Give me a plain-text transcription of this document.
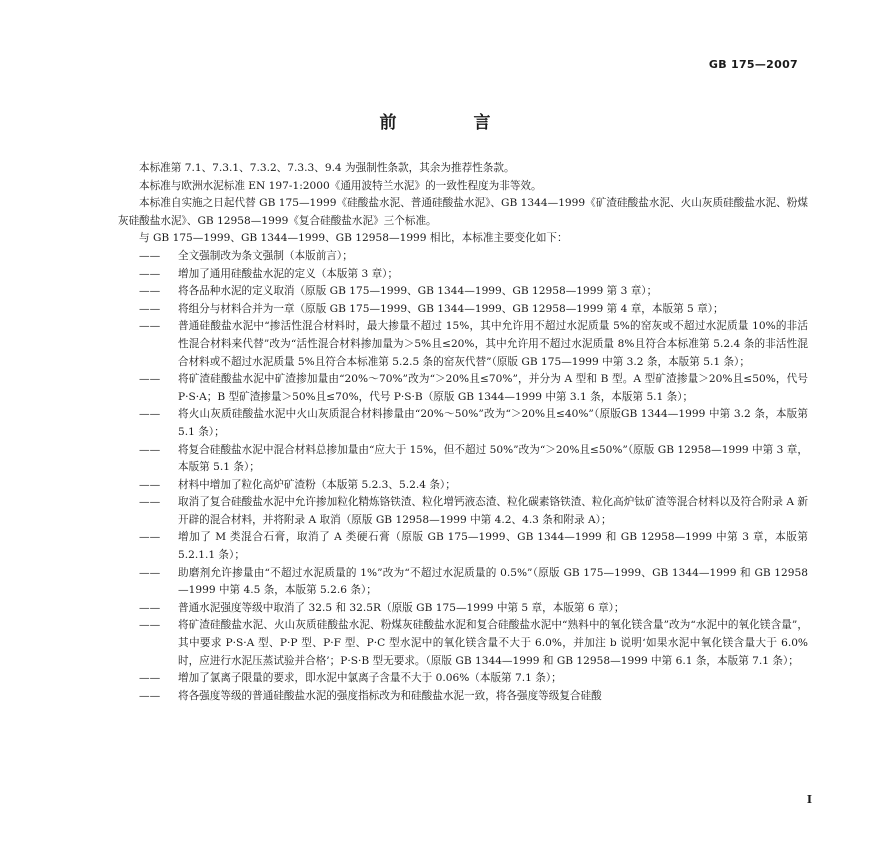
GB 175—2007
前　言

本标准第 7.1、7.3.1、7.3.2、7.3.3、9.4 为强制性条款，其余为推荐性条款。

本标准与欧洲水泥标准 EN 197-1:2000《通用波特兰水泥》的一致性程度为非等效。

本标准自实施之日起代替 GB 175—1999《硅酸盐水泥、普通硅酸盐水泥》、GB 1344—1999《矿渣硅酸盐水泥、火山灰质硅酸盐水泥、粉煤灰硅酸盐水泥》、GB 12958—1999《复合硅酸盐水泥》三个标准。

与 GB 175—1999、GB 1344—1999、GB 12958—1999 相比，本标准主要变化如下：

——	全文强制改为条文强制（本版前言）；

——	增加了通用硅酸盐水泥的定义（本版第 3 章）；

——	将各品种水泥的定义取消（原版 GB 175—1999、GB 1344—1999、GB 12958—1999 第 3 章）；

——	将组分与材料合并为一章（原版 GB 175—1999、GB 1344—1999、GB 12958—1999 第 4 章，本版第 5 章）；

——	普通硅酸盐水泥中“掺活性混合材料时，最大掺量不超过 15%，其中允许用不超过水泥质量 5%的窑灰或不超过水泥质量 10%的非活性混合材料来代替”改为“活性混合材料掺加量为＞5%且≤20%，其中允许用不超过水泥质量 8%且符合本标准第 5.2.4 条的非活性混合材料或不超过水泥质量 5%且符合本标准第 5.2.5 条的窑灰代替”（原版 GB 175—1999 中第 3.2 条，本版第 5.1 条）；

——	将矿渣硅酸盐水泥中矿渣掺加量由“20%～70%”改为“＞20%且≤70%”，并分为 A 型和 B 型。A 型矿渣掺量＞20%且≤50%，代号 P·S·A；B 型矿渣掺量＞50%且≤70%，代号 P·S·B（原版 GB 1344—1999 中第 3.1 条，本版第 5.1 条）；

——	将火山灰质硅酸盐水泥中火山灰质混合材料掺量由“20%～50%”改为“＞20%且≤40%”（原版GB 1344—1999 中第 3.2 条，本版第 5.1 条）；

——	将复合硅酸盐水泥中混合材料总掺加量由“应大于 15%，但不超过 50%”改为“＞20%且≤50%”（原版 GB 12958—1999 中第 3 章，本版第 5.1 条）；

——	材料中增加了粒化高炉矿渣粉（本版第 5.2.3、5.2.4 条）；

——	取消了复合硅酸盐水泥中允许掺加粒化精炼铬铁渣、粒化增钙液态渣、粒化碳素铬铁渣、粒化高炉钛矿渣等混合材料以及符合附录 A 新开辟的混合材料，并将附录 A 取消（原版 GB 12958—1999 中第 4.2、4.3 条和附录 A）；

——	增加了 M 类混合石膏，取消了 A 类硬石膏（原版 GB 175—1999、GB 1344—1999 和 GB 12958—1999 中第 3 章，本版第 5.2.1.1 条）；

——	助磨剂允许掺量由“不超过水泥质量的 1%”改为“不超过水泥质量的 0.5%”（原版 GB 175—1999、GB 1344—1999 和 GB 12958—1999 中第 4.5 条，本版第 5.2.6 条）；

——	普通水泥强度等级中取消了 32.5 和 32.5R（原版 GB 175—1999 中第 5 章，本版第 6 章）；

——	将矿渣硅酸盐水泥、火山灰质硅酸盐水泥、粉煤灰硅酸盐水泥和复合硅酸盐水泥中“熟料中的氧化镁含量”改为“水泥中的氧化镁含量”，其中要求 P·S·A 型、P·P 型、P·F 型、P·C 型水泥中的氧化镁含量不大于 6.0%，并加注 b 说明‘如果水泥中氧化镁含量大于 6.0%时，应进行水泥压蒸试验并合格’；P·S·B 型无要求。（原版 GB 1344—1999 和 GB 12958—1999 中第 6.1 条，本版第 7.1 条）；

——	增加了氯离子限量的要求，即水泥中氯离子含量不大于 0.06%（本版第 7.1 条）；

——	将各强度等级的普通硅酸盐水泥的强度指标改为和硅酸盐水泥一致，将各强度等级复合硅酸

I
